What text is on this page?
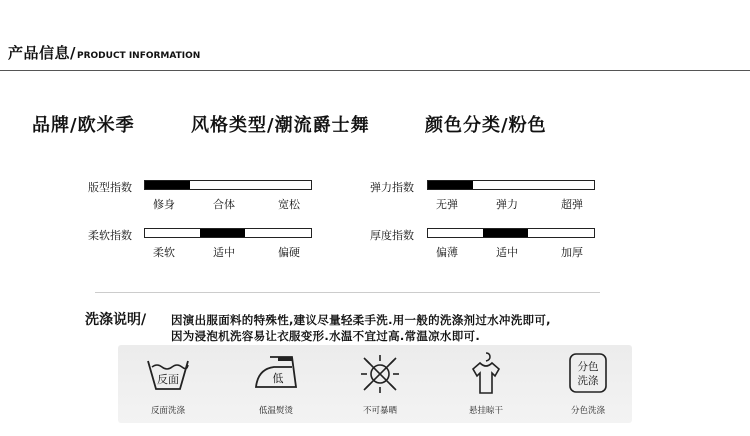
产品信息/PRODUCT INFORMATION
品牌/欧米季	风格类型/潮流爵士舞	颜色分类/粉色
版型指数
修身	合体	宽松
弹力指数
无弹	弹力	超弹
柔软指数
柔软	适中	偏硬
厚度指数
偏薄	适中	加厚
洗涤说明/ 因演出服面料的特殊性,建议尽量轻柔手洗.用一般的洗涤剂过水冲洗即可,
因为浸泡机洗容易让衣服变形.水温不宜过高.常温凉水即可.
反面
反面洗涤
低
低温熨烫	不可暴晒	悬挂晾干
分色
洗涤
分色洗涤
